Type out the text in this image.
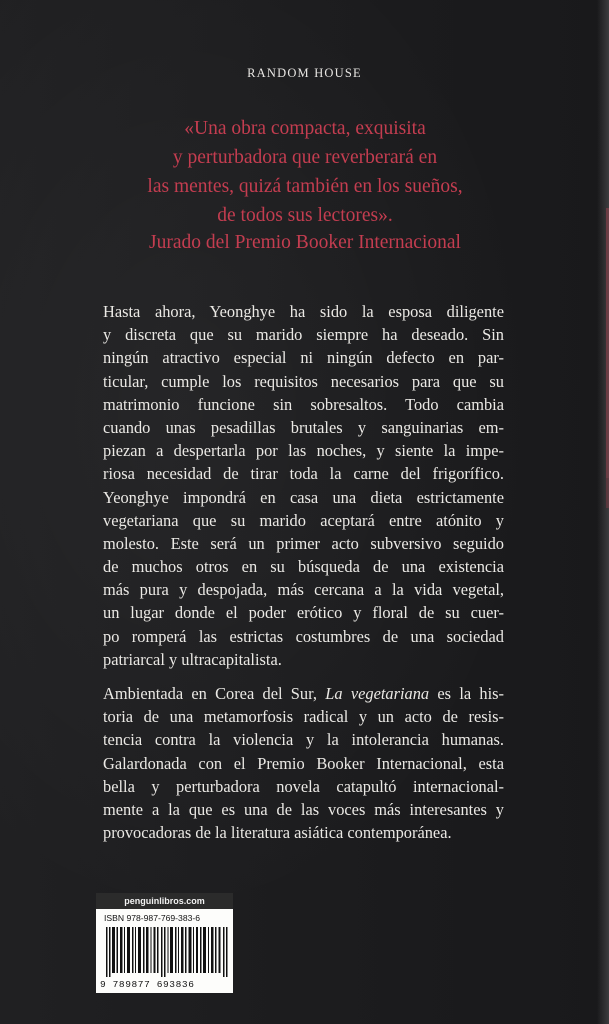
RANDOM HOUSE

«Una obra compacta, exquisita
y perturbadora que reverberará en
las mentes, quizá también en los sueños,
de todos sus lectores».

Jurado del Premio Booker Internacional

Hasta ahora, Yeonghye ha sido la esposa diligente
y discreta que su marido siempre ha deseado. Sin
ningún atractivo especial ni ningún defecto en par-
ticular, cumple los requisitos necesarios para que su
matrimonio funcione sin sobresaltos. Todo cambia
cuando unas pesadillas brutales y sanguinarias em-
piezan a despertarla por las noches, y siente la impe-
riosa necesidad de tirar toda la carne del frigorífico.
Yeonghye impondrá en casa una dieta estrictamente
vegetariana que su marido aceptará entre atónito y
molesto. Este será un primer acto subversivo seguido
de muchos otros en su búsqueda de una existencia
más pura y despojada, más cercana a la vida vegetal,
un lugar donde el poder erótico y floral de su cuer-
po romperá las estrictas costumbres de una sociedad
patriarcal y ultracapitalista.
Ambientada en Corea del Sur, La vegetariana es la his-
toria de una metamorfosis radical y un acto de resis-
tencia contra la violencia y la intolerancia humanas.
Galardonada con el Premio Booker Internacional, esta
bella y perturbadora novela catapultó internacional-
mente a la que es una de las voces más interesantes y
provocadoras de la literatura asiática contemporánea.

penguinlibros.com

ISBN 978-987-769-383-6

9 789877 693836
